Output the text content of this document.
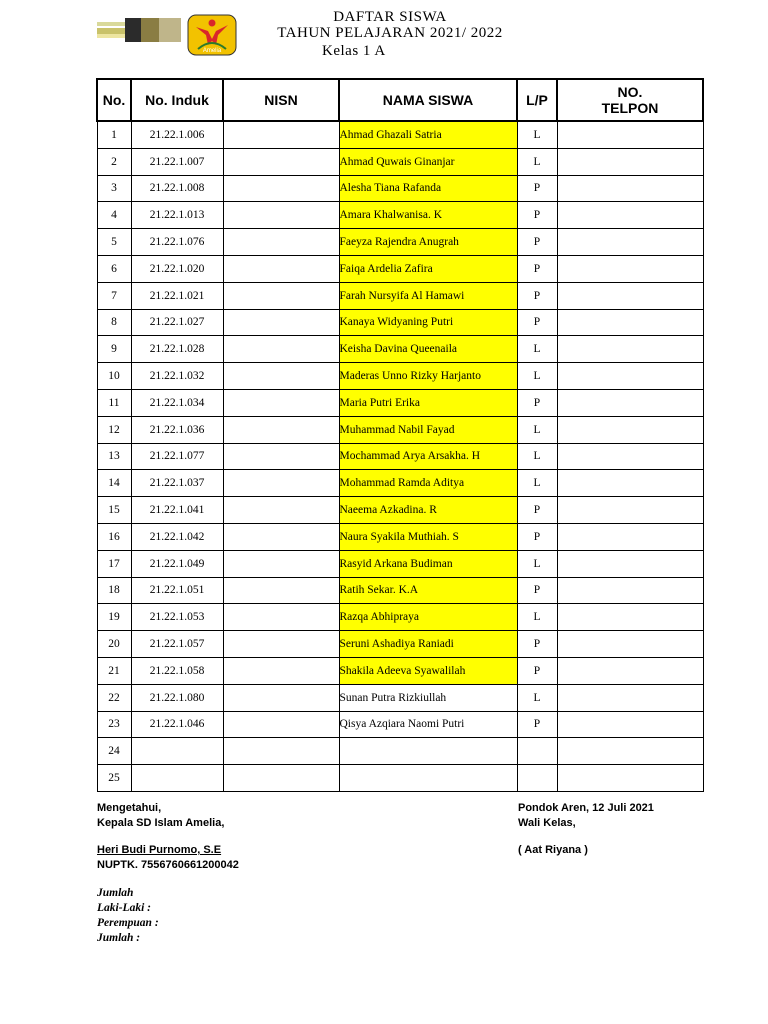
Amelia
DAFTAR SISWA
TAHUN PELAJARAN 2021/ 2022
Kelas 1 A
No.	No. Induk	NISN	NAMA SISWA	L/P	NO.
TELPON

1	21.22.1.006		Ahmad Ghazali Satria	L	
2	21.22.1.007		Ahmad Quwais Ginanjar	L	
3	21.22.1.008		Alesha Tiana Rafanda	P	
4	21.22.1.013		Amara Khalwanisa. K	P	
5	21.22.1.076		Faeyza Rajendra Anugrah	P	
6	21.22.1.020		Faiqa Ardelia Zafira	P	
7	21.22.1.021		Farah Nursyifa Al Hamawi	P	
8	21.22.1.027		Kanaya Widyaning Putri	P	
9	21.22.1.028		Keisha Davina Queenaila	L	
10	21.22.1.032		Maderas Unno Rizky Harjanto	L	
11	21.22.1.034		Maria Putri Erika	P	
12	21.22.1.036		Muhammad Nabil Fayad	L	
13	21.22.1.077		Mochammad Arya Arsakha. H	L	
14	21.22.1.037		Mohammad Ramda Aditya	L	
15	21.22.1.041		Naeema Azkadina. R	P	
16	21.22.1.042		Naura Syakila Muthiah. S	P	
17	21.22.1.049		Rasyid Arkana Budiman	L	
18	21.22.1.051		Ratih Sekar. K.A	P	
19	21.22.1.053		Razqa Abhipraya	L	
20	21.22.1.057		Seruni Ashadiya Raniadi	P	
21	21.22.1.058		Shakila Adeeva Syawalilah	P	
22	21.22.1.080		Sunan Putra Rizkiullah	L	
23	21.22.1.046		Qisya Azqiara Naomi Putri	P	
24					
25					
Mengetahui,
Kepala SD Islam Amelia,
Heri Budi Purnomo, S.E
NUPTK. 7556760661200042
Pondok Aren, 12 Juli 2021
Wali Kelas,
( Aat Riyana )
Jumlah
Laki-Laki :
Perempuan :
Jumlah :
